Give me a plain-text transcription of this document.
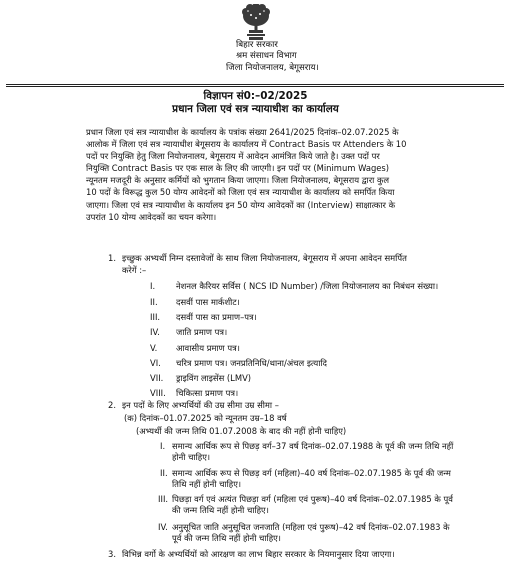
बिहार सरकार
श्रम संसाधन विभाग
जिला नियोजनालय, बेगूसराय।
विज्ञापन सं0:–02/2025
प्रधान जिला एवं सत्र न्यायाधीश का कार्यालय
प्रधान जिला एवं सत्र न्यायाधीश के कार्यालय के पत्रांक संख्या 2641/2025 दिनांक–02.07.2025 के
आलोक में जिला एवं सत्र न्यायाधीश बेगूसराय के कार्यालय में Contract Basis पर Attenders के 10
पदों पर नियुक्ति हेतु जिला नियोजनालय, बेगूसराय में आवेदन आमंत्रित किये जाते है। उक्त पदों पर
नियुक्ति Contract Basis पर एक साल के लिए की जाएगी। इन पदों पर (Minimum Wages)
न्यूनतम मजदूरी के अनुसार कर्मियों को भुगतान किया जाएगा। जिला नियोजनालय, बेगूसराय द्वारा कुल
10 पदों के विरूद्ध कुल 50 योग्य आवेदनों को जिला एवं सत्र न्यायाधीश के कार्यालय को समर्पित किया
जाएगा। जिला एवं सत्र न्यायाधीश के कार्यालय इन 50 योग्य आवेदकों का (Interview) साक्षात्कार के
उपरांत 10 योग्य आवेदकों का चयन करेगा।
1. इच्छुक अभ्यर्थी निम्न दस्तावेजों के साथ जिला नियोजनालय, बेगूसराय में अपना आवेदन समर्पित
करेगें :–
I. नेशनल कैरियर सर्विस ( NCS ID Number) /जिला नियोजनालय का निबंधन संख्या।
II. दसवीं पास मार्कशीट।
III. दसवीं पास का प्रमाण–पत्र।
IV. जाति प्रमाण पत्र।
V. आवासीय प्रमाण पत्र।
VI. चरित्र प्रमाण पत्र। जनप्रतिनिधि/थाना/अंचल इत्यादि
VII. ड्राइविंग लाइसेंस (LMV)
VIII. चिकित्सा प्रमाण पत्र।
2. इन पदों के लिए अभ्यर्थियों की उम्र सीमा उम्र सीमा –
(क) दिनांक–01.07.2025 को न्यूनतम उम्र–18 वर्ष
(अभ्यर्थी की जन्म तिथि 01.07.2008 के बाद की नहीं होनी चाहिए)
I. समान्य आर्थिक रूप से पिछड़ वर्ग–37 वर्ष दिनांक–02.07.1988 के पूर्व की जन्म तिथि नहीं
होनी चाहिए।
II. समान्य आर्थिक रूप से पिछड़ वर्ग (महिला)–40 वर्ष दिनांक–02.07.1985 के पूर्व की जन्म
तिथि नहीं होनी चाहिए।
III. पिछड़ा वर्ग एवं अत्यंत पिछड़ा वर्ग (महिला एवं पुरूष)–40 वर्ष दिनांक–02.07.1985 के पूर्व
की जन्म तिथि नहीं होनी चाहिए।
IV. अनुसूचित जाति अनुसूचित जनजाति (महिला एवं पुरूष)–42 वर्ष दिनांक–02.07.1983 के
पूर्व की जन्म तिथि नहीं होनी चाहिए।
3. विभिन्न वर्गो के अभ्यर्थियों को आरक्षण का लाभ बिहार सरकार के नियमानुसार दिया जाएगा।
